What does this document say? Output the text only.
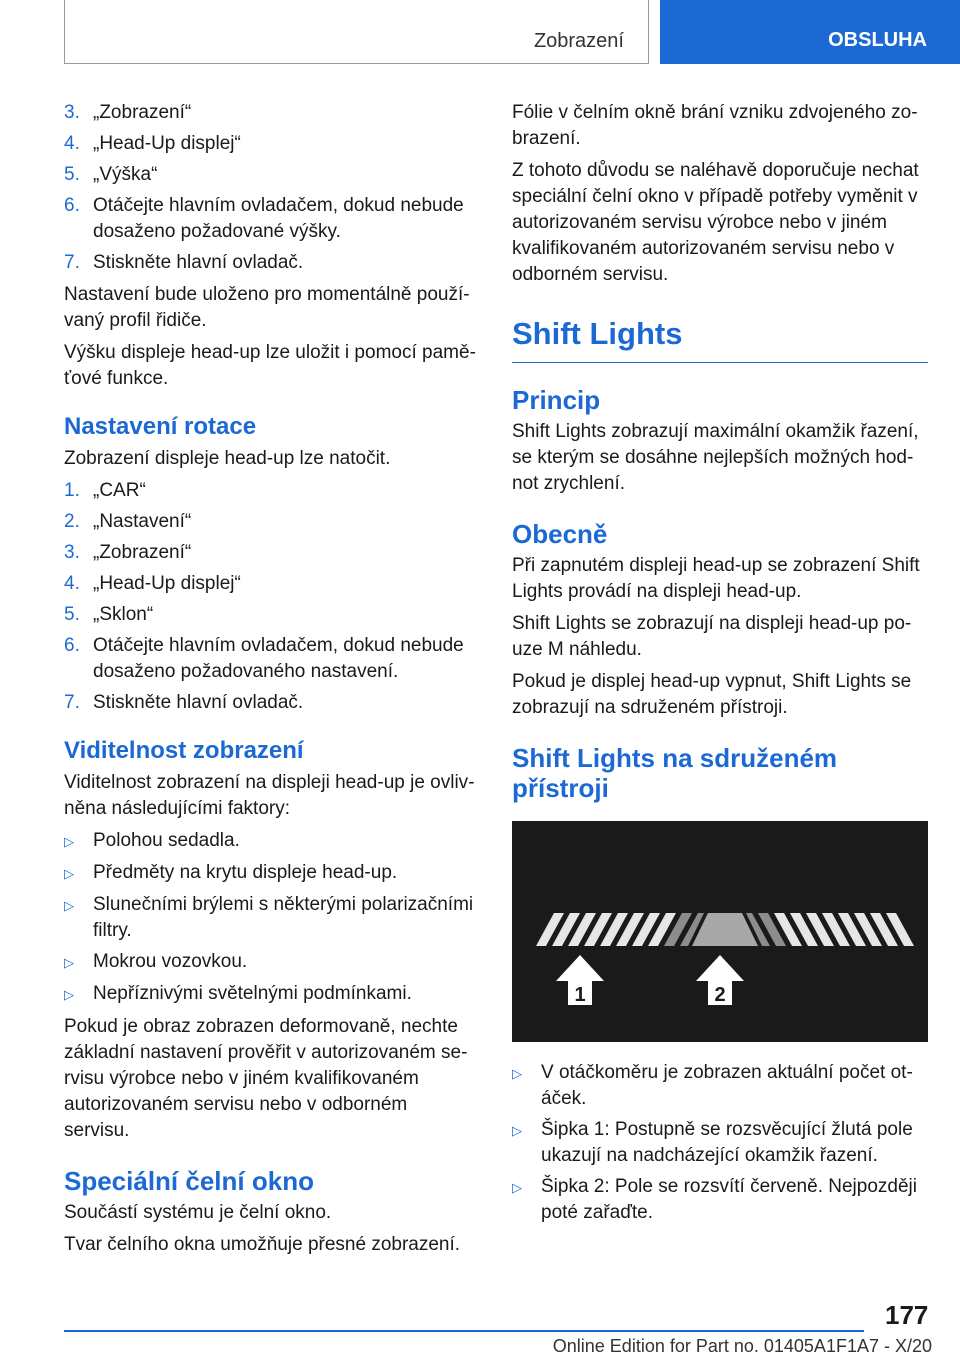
Zobrazení	OBSLUHA
3. „Zobrazení“
4. „Head-Up displej“
5. „Výška“
6. Otáčejte hlavním ovladačem, dokud nebude dosaženo požadované výšky.
7. Stiskněte hlavní ovladač.

Nastavení bude uloženo pro momentálně používaný profil řidiče.

Výšku displeje head-up lze uložit i pomocí paměťové funkce.

Nastavení rotace

Zobrazení displeje head-up lze natočit.

1. „CAR“
2. „Nastavení“
3. „Zobrazení“
4. „Head-Up displej“
5. „Sklon“
6. Otáčejte hlavním ovladačem, dokud nebude dosaženo požadovaného nastavení.
7. Stiskněte hlavní ovladač.
Viditelnost zobrazení

Viditelnost zobrazení na displeji head-up je ovlivněna následujícími faktory:

▷	Polohou sedadla.
▷	Předměty na krytu displeje head-up.
▷	Slunečními brýlemi s některými polarizačními filtry.
▷	Mokrou vozovkou.
▷	Nepříznivými světelnými podmínkami.

Pokud je obraz zobrazen deformovaně, nechte základní nastavení prověřit v autorizovaném servisu výrobce nebo v jiném kvalifikovaném autorizovaném servisu nebo v odborném servisu.

Speciální čelní okno

Součástí systému je čelní okno.

Tvar čelního okna umožňuje přesné zobrazení.

Fólie v čelním okně brání vzniku zdvojeného zobrazení.

Z tohoto důvodu se naléhavě doporučuje nechat speciální čelní okno v případě potřeby vyměnit v autorizovaném servisu výrobce nebo v jiném kvalifikovaném autorizovaném servisu nebo v odborném servisu.

Shift Lights
Princip

Shift Lights zobrazují maximální okamžik řazení, se kterým se dosáhne nejlepších možných hodnot zrychlení.

Obecně

Při zapnutém displeji head-up se zobrazení Shift Lights provádí na displeji head-up.

Shift Lights se zobrazují na displeji head-up pouze M náhledu.

Pokud je displej head-up vypnut, Shift Lights se zobrazují na sdruženém přístroji.

Shift Lights na sdruženém přístroji
1	2
▷	V otáčkoměru je zobrazen aktuální počet otáček.
▷	Šipka 1: Postupně se rozsvěcující žlutá pole ukazují na nadcházející okamžik řazení.
▷	Šipka 2: Pole se rozsvítí červeně. Nejpozději poté zařaďte.
177
Online Edition for Part no. 01405A1F1A7 - X/20
